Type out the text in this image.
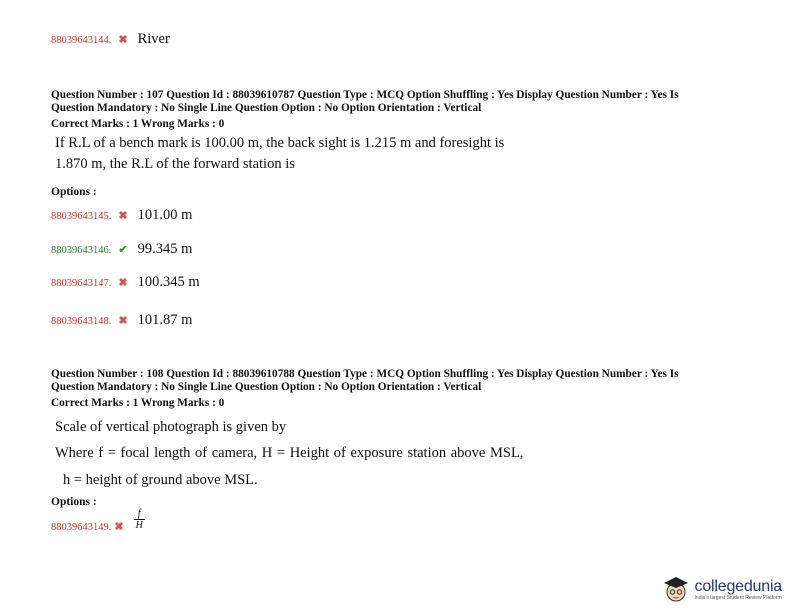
88039643144. ✖ River
Question Number : 107 Question Id : 88039610787 Question Type : MCQ Option Shuffling : Yes Display Question Number : Yes Is
Question Mandatory : No Single Line Question Option : No Option Orientation : Vertical
Correct Marks : 1 Wrong Marks : 0
If R.L of a bench mark is 100.00 m, the back sight is 1.215 m and foresight is
1.870 m, the R.L of the forward station is
Options :
88039643145. ✖ 101.00 m
88039643146. ✔ 99.345 m
88039643147. ✖ 100.345 m
88039643148. ✖ 101.87 m
Question Number : 108 Question Id : 88039610788 Question Type : MCQ Option Shuffling : Yes Display Question Number : Yes Is
Question Mandatory : No Single Line Question Option : No Option Orientation : Vertical
Correct Marks : 1 Wrong Marks : 0
Scale of vertical photograph is given by
Where f = focal length of camera, H = Height of exposure station above MSL,
h = height of ground above MSL.
Options :
88039643149. ✖ $\frac{f}{H}$
collegedunia
India's largest Student Review Platform
